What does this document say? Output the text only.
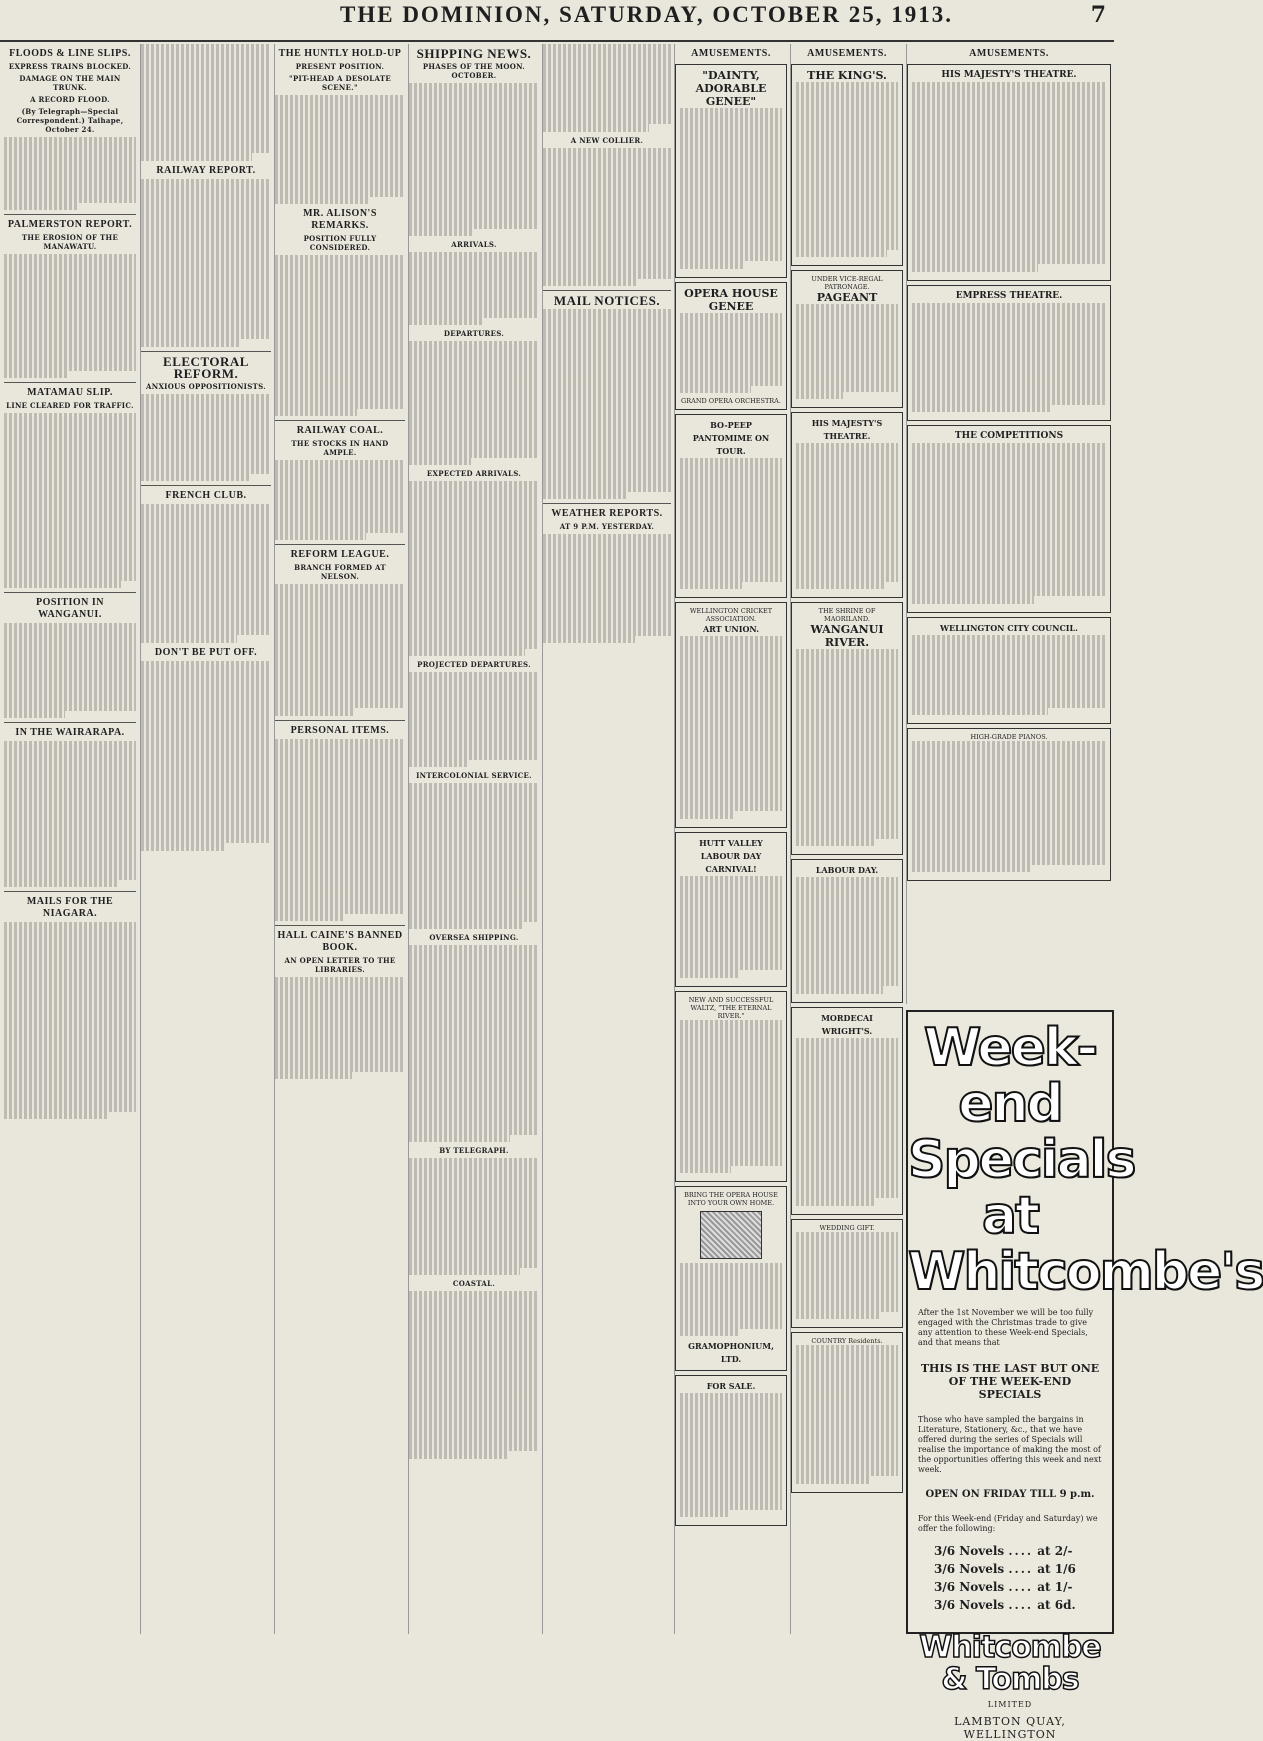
THE DOMINION, SATURDAY, OCTOBER 25, 1913.	7
FLOODS & LINE SLIPS.
EXPRESS TRAINS BLOCKED.
DAMAGE ON THE MAIN TRUNK.
A RECORD FLOOD.
(By Telegraph—Special Correspondent.) Taihape, October 24.
PALMERSTON REPORT.
THE EROSION OF THE MANAWATU.
MATAMAU SLIP.
LINE CLEARED FOR TRAFFIC.
POSITION IN WANGANUI.
IN THE WAIRARAPA.
MAILS FOR THE NIAGARA.
RAILWAY REPORT.
ELECTORAL REFORM.
ANXIOUS OPPOSITIONISTS.
FRENCH CLUB.
DON'T BE PUT OFF.
THE HUNTLY HOLD-UP
PRESENT POSITION.
"PIT-HEAD A DESOLATE SCENE."
MR. ALISON'S REMARKS.
POSITION FULLY CONSIDERED.
RAILWAY COAL.
THE STOCKS IN HAND AMPLE.
REFORM LEAGUE.
BRANCH FORMED AT NELSON.
PERSONAL ITEMS.
HALL CAINE'S BANNED BOOK.
AN OPEN LETTER TO THE LIBRARIES.
SHIPPING NEWS.
PHASES OF THE MOON. OCTOBER.
ARRIVALS.
DEPARTURES.
EXPECTED ARRIVALS.
PROJECTED DEPARTURES.
INTERCOLONIAL SERVICE.
OVERSEA SHIPPING.
BY TELEGRAPH.
COASTAL.
A NEW COLLIER.
MAIL NOTICES.
WEATHER REPORTS.
AT 9 P.M. YESTERDAY.
AMUSEMENTS.
"DAINTY, ADORABLE GENEE"
OPERA HOUSE
GENEE
GRAND OPERA ORCHESTRA.
BO-PEEP PANTOMIME ON TOUR.
WELLINGTON CRICKET ASSOCIATION.
ART UNION.
HUTT VALLEY LABOUR DAY CARNIVAL!
NEW AND SUCCESSFUL WALTZ, "THE ETERNAL RIVER."
BRING THE OPERA HOUSE INTO YOUR OWN HOME.
GRAMOPHONIUM, LTD.
FOR SALE.
AMUSEMENTS.
THE KING'S.
UNDER VICE-REGAL PATRONAGE.
PAGEANT
HIS MAJESTY'S THEATRE.
THE SHRINE OF MAORILAND.
WANGANUI RIVER.
LABOUR DAY.
MORDECAI WRIGHT'S.
WEDDING GIFT.
COUNTRY Residents.
AMUSEMENTS.
HIS MAJESTY'S THEATRE.
EMPRESS THEATRE.
THE COMPETITIONS
WELLINGTON CITY COUNCIL.
HIGH-GRADE PIANOS.
Week-end Specials at Whitcombe's
After the 1st November we will be too fully engaged with the Christmas trade to give any attention to these Week-end Specials, and that means that
THIS IS THE LAST BUT ONE OF THE WEEK-END SPECIALS
Those who have sampled the bargains in Literature, Stationery, &c., that we have offered during the series of Specials will realise the importance of making the most of the opportunities offering this week and next week.
OPEN ON FRIDAY TILL 9 p.m.
For this Week-end (Friday and Saturday) we offer the following:
3/6 Novels .... at 2/-
3/6 Novels .... at 1/6
3/6 Novels .... at 1/-
3/6 Novels .... at 6d.
Whitcombe & Tombs
LIMITED
LAMBTON QUAY, WELLINGTON
